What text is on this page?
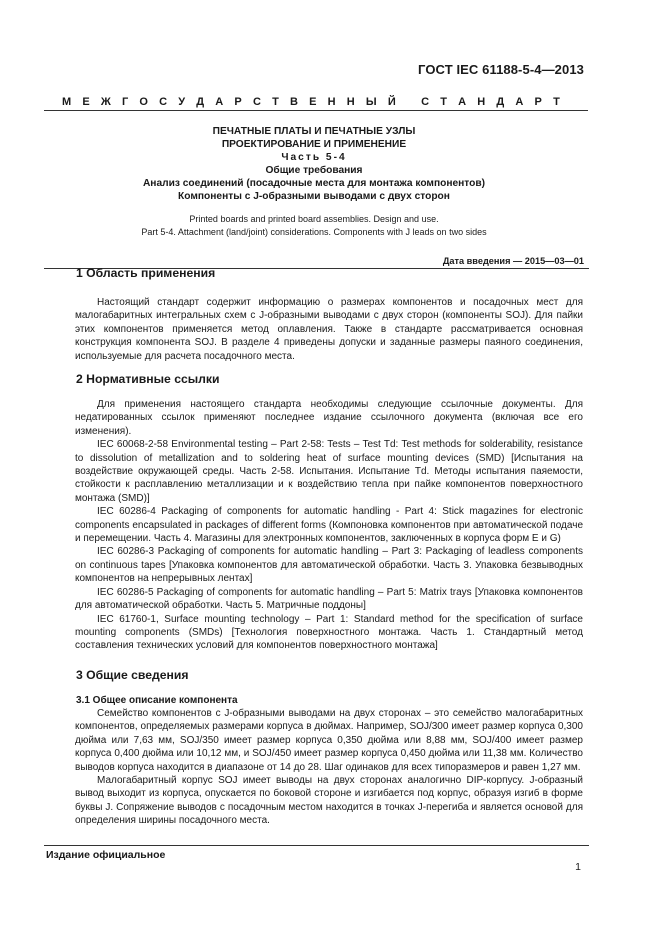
ГОСТ IEC 61188-5-4—2013
М Е Ж Г О С У Д А Р С Т В Е Н Н Ы Й
С Т А Н Д А Р Т
ПЕЧАТНЫЕ ПЛАТЫ И ПЕЧАТНЫЕ УЗЛЫ
ПРОЕКТИРОВАНИЕ И ПРИМЕНЕНИЕ
Часть 5-4
Общие требования
Анализ соединений (посадочные места для монтажа компонентов)
Компоненты с J-образными выводами с двух сторон
Printed boards and printed board assemblies. Design and use.
Part 5-4. Attachment (land/joint) considerations. Components with J leads on two sides
Дата введения — 2015—03—01
1 Область применения

Настоящий стандарт содержит информацию о размерах компонентов и посадочных мест для малогабаритных интегральных схем с J-образными выводами с двух сторон (компоненты SOJ). Для пайки этих компонентов применяется метод оплавления. Также в стандарте рассматривается основная конструкция компонента SOJ. В разделе 4 приведены допуски и заданные размеры паяного соединения, используемые для расчета посадочного места.

2 Нормативные ссылки

Для применения настоящего стандарта необходимы следующие ссылочные документы. Для недатированных ссылок применяют последнее издание ссылочного документа (включая все его изменения).

IEC 60068-2-58 Environmental testing – Part 2-58: Tests – Test Td: Test methods for solderability, resistance to dissolution of metallization and to soldering heat of surface mounting devices (SMD) [Испытания на воздействие окружающей среды. Часть 2-58. Испытания. Испытание Td. Методы испытания паяемости, стойкости к расплавлению металлизации и к воздействию тепла при пайке компонентов поверхностного монтажа (SMD)]

IEC 60286-4 Packaging of components for automatic handling - Part 4: Stick magazines for electronic components encapsulated in packages of different forms (Компоновка компонентов при автоматической подаче и перемещении. Часть 4. Магазины для электронных компонентов, заключенных в корпуса форм E и G)

IEC 60286-3 Packaging of components for automatic handling – Part 3: Packaging of leadless components on continuous tapes [Упаковка компонентов для автоматической обработки. Часть 3. Упаковка безвыводных компонентов на непрерывных лентах]

IEC 60286-5 Packaging of components for automatic handling – Part 5: Matrix trays [Упаковка компонентов для автоматической обработки. Часть 5. Матричные поддоны]

IEC 61760-1, Surface mounting technology – Part 1: Standard method for the specification of surface mounting components (SMDs) [Технология поверхностного монтажа. Часть 1. Стандартный метод составления технических условий для компонентов поверхностного монтажа]

3 Общие сведения
3.1 Общее описание компонента

Семейство компонентов с J-образными выводами на двух сторонах – это семейство малогабаритных компонентов, определяемых размерами корпуса в дюймах. Например, SOJ/300 имеет размер корпуса 0,300 дюйма или 7,63 мм, SOJ/350 имеет размер корпуса 0,350 дюйма или 8,88 мм, SOJ/400 имеет размер корпуса 0,400 дюйма или 10,12 мм, и SOJ/450 имеет размер корпуса 0,450 дюйма или 11,38 мм. Количество выводов корпуса находится в диапазоне от 14 до 28. Шаг одинаков для всех типоразмеров и равен 1,27 мм.

Малогабаритный корпус SOJ имеет выводы на двух сторонах аналогично DIP-корпусу. J-образный вывод выходит из корпуса, опускается по боковой стороне и изгибается под корпус, образуя изгиб в форме буквы J. Сопряжение выводов с посадочным местом находится в точках J-перегиба и является основой для определения ширины посадочного места.

Издание официальное
1
